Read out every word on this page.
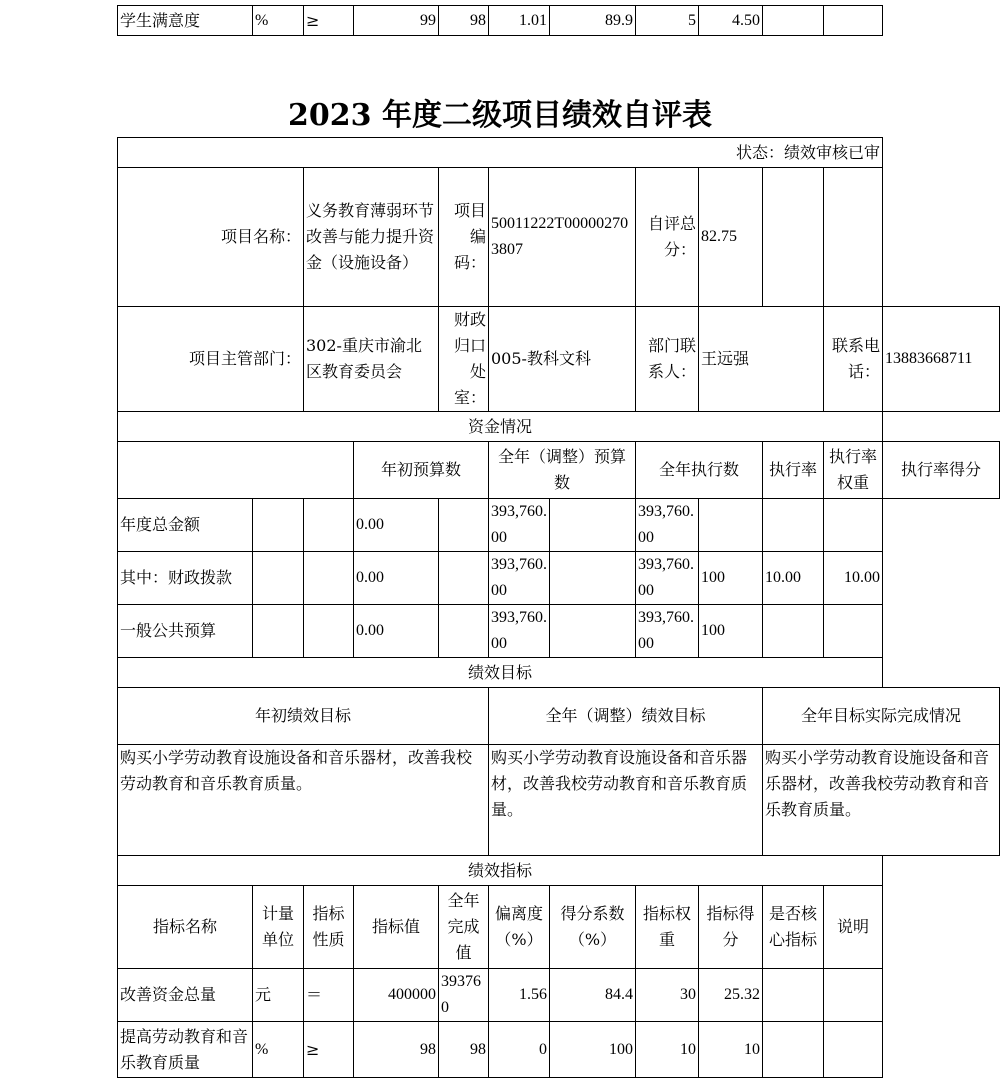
学生满意度	%	≥	99	98	1.01	89.9	5	4.50		
2023 年度二级项目绩效自评表
状态：绩效审核已审											
项目名称：		义务教育薄弱环节改善与能力提升资金（设施设备）		项目编码：	50011222T000002703807		自评总分：	82.75			
项目主管部门：		302-重庆市渝北区教育委员会		财政归口处室：	005-教科文科		部门联系人：	王远强		联系电话：	13883668711
资金情况											
			年初预算数		全年（调整）预算数		全年执行数		执行率	执行率权重	执行率得分
年度总金额			0.00		393,760.00		393,760.00				
其中：财政拨款			0.00		393,760.00		393,760.00	100	10.00	10.00	
一般公共预算			0.00		393,760.00		393,760.00	100			
绩效目标											
年初绩效目标					全年（调整）绩效目标				全年目标实际完成情况		
购买小学劳动教育设施设备和音乐器材，改善我校劳动教育和音乐教育质量。					购买小学劳动教育设施设备和音乐器材，改善我校劳动教育和音乐教育质量。				购买小学劳动教育设施设备和音乐器材，改善我校劳动教育和音乐教育质量。		
绩效指标											
指标名称	计量单位	指标性质	指标值	全年完成值	偏离度（%）	得分系数（%）	指标权重	指标得分	是否核心指标	说明	
改善资金总量	元	＝	400000	393760	1.56	84.4	30	25.32			
提高劳动教育和音乐教育质量	%	≥	98	98	0	100	10	10			
